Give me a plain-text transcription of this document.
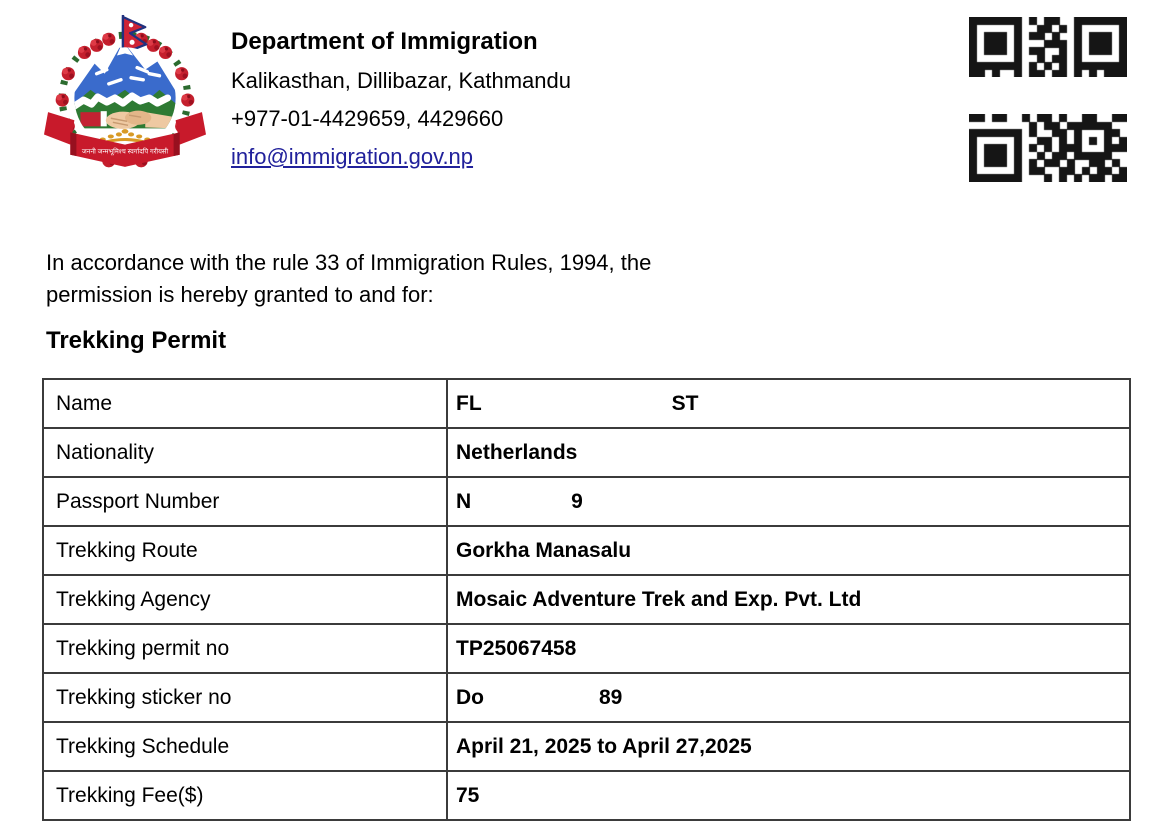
जननी जन्मभूमिश्च स्वर्गादपि गरीयसी
Department of Immigration
Kalikasthan, Dillibazar, Kathmandu
+977-01-4429659, 4429660
info@immigration.gov.np

In accordance with the rule 33 of Immigration Rules, 1994, the permission is hereby granted to and for:

Trekking Permit
Name	FL ST
Nationality	Netherlands
Passport Number	N 9
Trekking Route	Gorkha Manasalu
Trekking Agency	Mosaic Adventure Trek and Exp. Pvt. Ltd
Trekking permit no	TP25067458
Trekking sticker no	Do 89
Trekking Schedule	April 21, 2025 to April 27,2025
Trekking Fee($)	75
